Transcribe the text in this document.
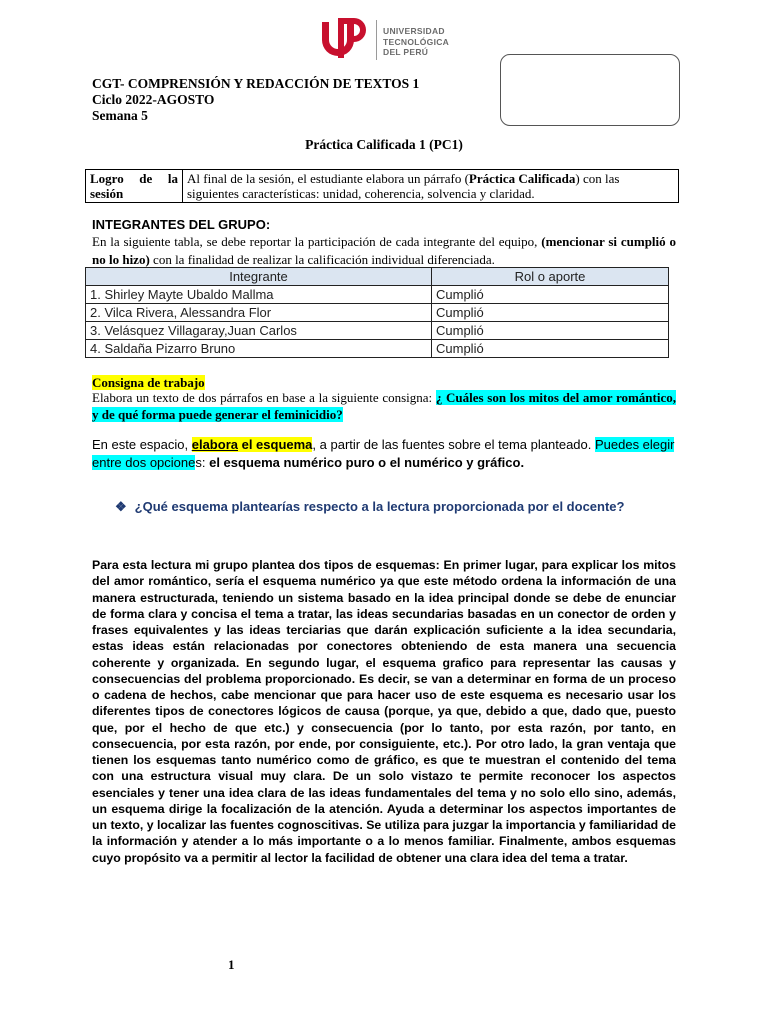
UNIVERSIDAD
TECNOLÓGICA
DEL PERÚ
CGT- COMPRENSIÓN Y REDACCIÓN DE TEXTOS 1
Ciclo 2022-AGOSTO
Semana 5
Práctica Calificada 1 (PC1)
Logro de la sesión	Al final de la sesión, el estudiante elabora un párrafo (Práctica Calificada) con las siguientes características: unidad, coherencia, solvencia y claridad.
INTEGRANTES DEL GRUPO:
En la siguiente tabla, se debe reportar la participación de cada integrante del equipo, (mencionar si cumplió o no lo hizo) con la finalidad de realizar la calificación individual diferenciada.
Integrante	Rol o aporte
1. Shirley Mayte Ubaldo Mallma	Cumplió
2. Vilca Rivera, Alessandra Flor	Cumplió
3. Velásquez Villagaray,Juan Carlos	Cumplió
4. Saldaña Pizarro Bruno	Cumplió
Consigna de trabajo
Elabora un texto de dos párrafos en base a la siguiente consigna: ¿ Cuáles son los mitos del amor romántico, y de qué forma puede generar el feminicidio?
En este espacio, elabora el esquema, a partir de las fuentes sobre el tema planteado. Puedes elegir entre dos opciones: el esquema numérico puro o el numérico y gráfico.
❖ ¿Qué esquema plantearías respecto a la lectura proporcionada por el docente?
Para esta lectura mi grupo plantea dos tipos de esquemas: En primer lugar, para explicar los mitos del amor romántico, sería el esquema numérico ya que este método ordena la información de una manera estructurada, teniendo un sistema basado en la idea principal donde se debe de enunciar de forma clara y concisa el tema a tratar, las ideas secundarias basadas en un conector de orden y frases equivalentes y las ideas terciarias que darán explicación suficiente a la idea secundaria, estas ideas están relacionadas por conectores obteniendo de esta manera una secuencia coherente y organizada. En segundo lugar, el esquema grafico para representar las causas y consecuencias del problema proporcionado. Es decir, se van a determinar en forma de un proceso o cadena de hechos, cabe mencionar que para hacer uso de este esquema es necesario usar los diferentes tipos de conectores lógicos de causa (porque, ya que, debido a que, dado que, puesto que, por el hecho de que etc.) y consecuencia (por lo tanto, por esta razón, por tanto, en consecuencia, por esta razón, por ende, por consiguiente, etc.). Por otro lado, la gran ventaja que tienen los esquemas tanto numérico como de gráfico, es que te muestran el contenido del tema con una estructura visual muy clara. De un solo vistazo te permite reconocer los aspectos esenciales y tener una idea clara de las ideas fundamentales del tema y no solo ello sino, además, un esquema dirige la focalización de la atención. Ayuda a determinar los aspectos importantes de un texto, y localizar las fuentes cognoscitivas. Se utiliza para juzgar la importancia y familiaridad de la información y atender a lo más importante o a lo menos familiar. Finalmente, ambos esquemas cuyo propósito va a permitir al lector la facilidad de obtener una clara idea del tema a tratar.
1
